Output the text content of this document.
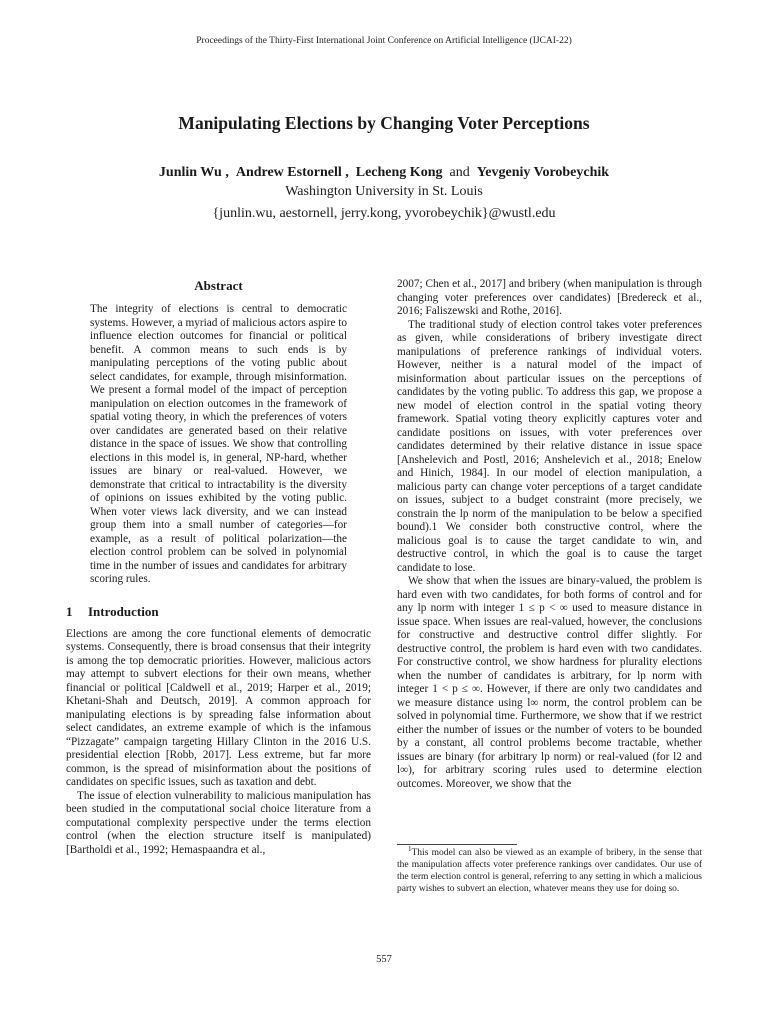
Proceedings of the Thirty-First International Joint Conference on Artificial Intelligence (IJCAI-22)
Manipulating Elections by Changing Voter Perceptions
Junlin Wu ,  Andrew Estornell ,  Lecheng Kong and Yevgeniy Vorobeychik
Washington University in St. Louis
{junlin.wu, aestornell, jerry.kong, yvorobeychik}@wustl.edu
Abstract

The integrity of elections is central to democratic systems. However, a myriad of malicious actors aspire to influence election outcomes for financial or political benefit. A common means to such ends is by manipulating perceptions of the voting public about select candidates, for example, through misinformation. We present a formal model of the impact of perception manipulation on election outcomes in the framework of spatial voting theory, in which the preferences of voters over candidates are generated based on their relative distance in the space of issues. We show that controlling elections in this model is, in general, NP-hard, whether issues are binary or real-valued. However, we demonstrate that critical to intractability is the diversity of opinions on issues exhibited by the voting public. When voter views lack diversity, and we can instead group them into a small number of categories—for example, as a result of political polarization—the election control problem can be solved in polynomial time in the number of issues and candidates for arbitrary scoring rules.

1 Introduction

Elections are among the core functional elements of democratic systems. Consequently, there is broad consensus that their integrity is among the top democratic priorities. However, malicious actors may attempt to subvert elections for their own means, whether financial or political [Caldwell et al., 2019; Harper et al., 2019; Khetani-Shah and Deutsch, 2019]. A common approach for manipulating elections is by spreading false information about select candidates, an extreme example of which is the infamous “Pizzagate” campaign targeting Hillary Clinton in the 2016 U.S. presidential election [Robb, 2017]. Less extreme, but far more common, is the spread of misinformation about the positions of candidates on specific issues, such as taxation and debt.

The issue of election vulnerability to malicious manipulation has been studied in the computational social choice literature from a computational complexity perspective under the terms election control (when the election structure itself is manipulated) [Bartholdi et al., 1992; Hemaspaandra et al.,

2007; Chen et al., 2017] and bribery (when manipulation is through changing voter preferences over candidates) [Bredereck et al., 2016; Faliszewski and Rothe, 2016].

The traditional study of election control takes voter preferences as given, while considerations of bribery investigate direct manipulations of preference rankings of individual voters. However, neither is a natural model of the impact of misinformation about particular issues on the perceptions of candidates by the voting public. To address this gap, we propose a new model of election control in the spatial voting theory framework. Spatial voting theory explicitly captures voter and candidate positions on issues, with voter preferences over candidates determined by their relative distance in issue space [Anshelevich and Postl, 2016; Anshelevich et al., 2018; Enelow and Hinich, 1984]. In our model of election manipulation, a malicious party can change voter perceptions of a target candidate on issues, subject to a budget constraint (more precisely, we constrain the lp norm of the manipulation to be below a specified bound).1 We consider both constructive control, where the malicious goal is to cause the target candidate to win, and destructive control, in which the goal is to cause the target candidate to lose.

We show that when the issues are binary-valued, the problem is hard even with two candidates, for both forms of control and for any lp norm with integer 1 ≤ p < ∞ used to measure distance in issue space. When issues are real-valued, however, the conclusions for constructive and destructive control differ slightly. For destructive control, the problem is hard even with two candidates. For constructive control, we show hardness for plurality elections when the number of candidates is arbitrary, for lp norm with integer 1 < p ≤ ∞. However, if there are only two candidates and we measure distance using l∞ norm, the control problem can be solved in polynomial time. Furthermore, we show that if we restrict either the number of issues or the number of voters to be bounded by a constant, all control problems become tractable, whether issues are binary (for arbitrary lp norm) or real-valued (for l2 and l∞), for arbitrary scoring rules used to determine election outcomes. Moreover, we show that the

$^1$This model can also be viewed as an example of bribery, in the sense that the manipulation affects voter preference rankings over candidates. Our use of the term election control is general, referring to any setting in which a malicious party wishes to subvert an election, whatever means they use for doing so.
557
